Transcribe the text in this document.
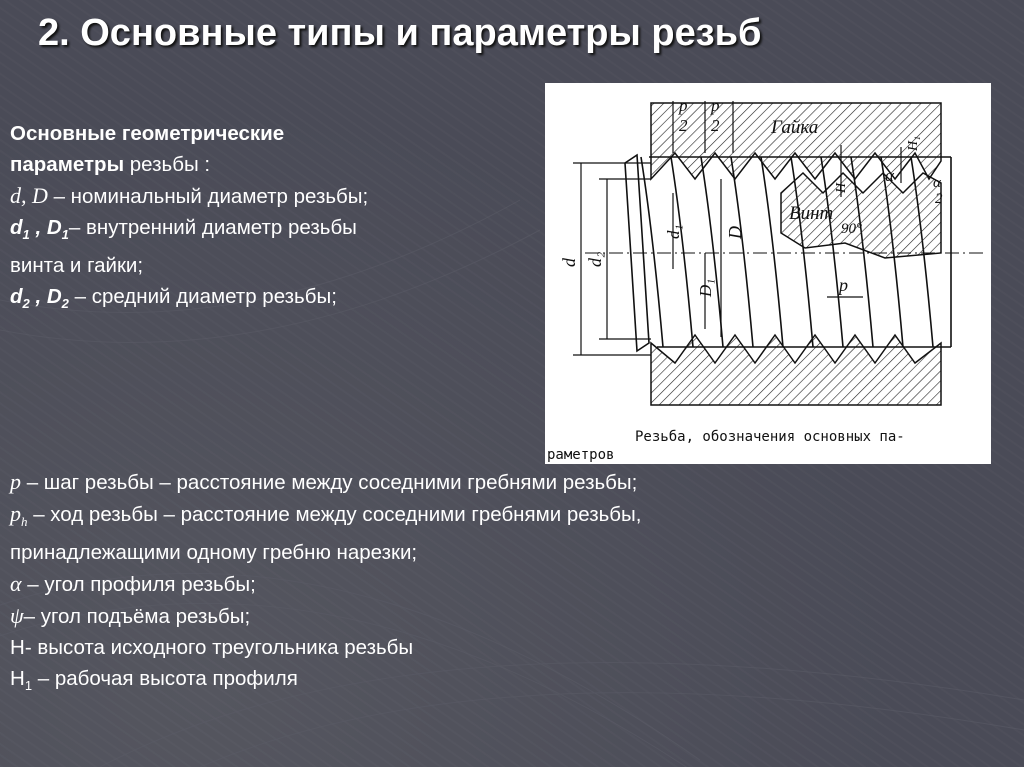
2. Основные типы и параметры резьб
Основные геометрические
параметры резьбы :
d, D – номинальный диаметр резьбы;
$d_1$ , $D_1-$ внутренний диаметр резьбы
винта и гайки;
$d_2$ , $D_2$ – средний диаметр резьбы;
p
2
p
2	Гайка
H₁
H
α	α
2
Винт
90°
d d₂
d₁ D
D₁	p
Резьба, обозначения основных па-
раметров
p – шаг резьбы – расстояние между соседними гребнями резьбы;
$p_h$ – ход резьбы – расстояние между соседними гребнями резьбы,
принадлежащими одному гребню нарезки;
α – угол профиля резьбы;
ψ– угол подъёма резьбы;
Н- высота исходного треугольника резьбы
$Н_1$ – рабочая высота профиля
